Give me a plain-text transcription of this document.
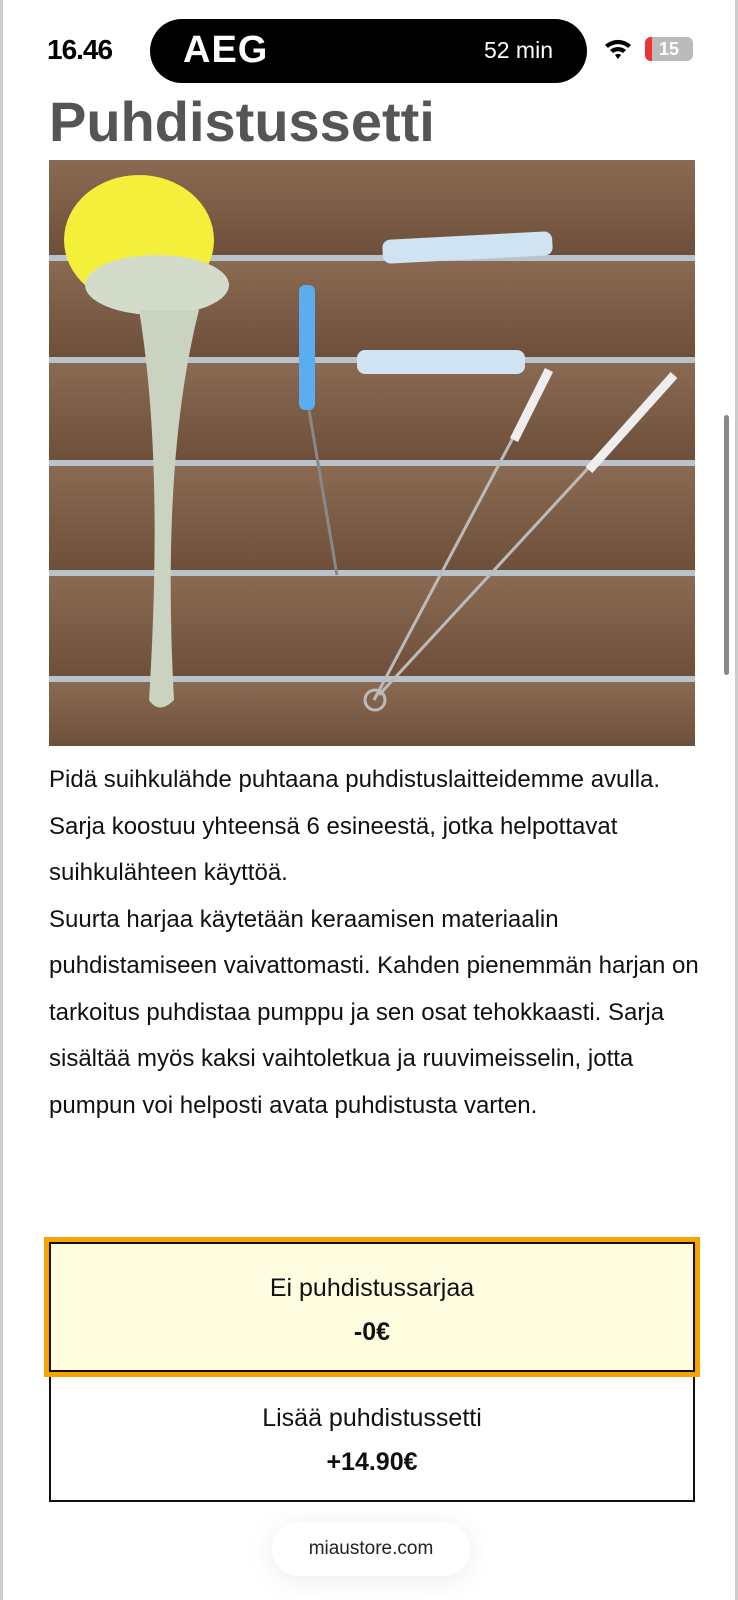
16.46 AEG	52 min	15
Puhdistussetti

Pidä suihkulähde puhtaana puhdistuslaitteidemme avulla. Sarja koostuu yhteensä 6 esineestä, jotka helpottavat suihkulähteen käyttöä.

Suurta harjaa käytetään keraamisen materiaalin puhdistamiseen vaivattomasti. Kahden pienemmän harjan on tarkoitus puhdistaa pumppu ja sen osat tehokkaasti. Sarja sisältää myös kaksi vaihtoletkua ja ruuvimeisselin, jotta pumpun voi helposti avata puhdistusta varten.

Ei puhdistussarjaa
-0€
Lisää puhdistussetti
+14.90€
miaustore.com
